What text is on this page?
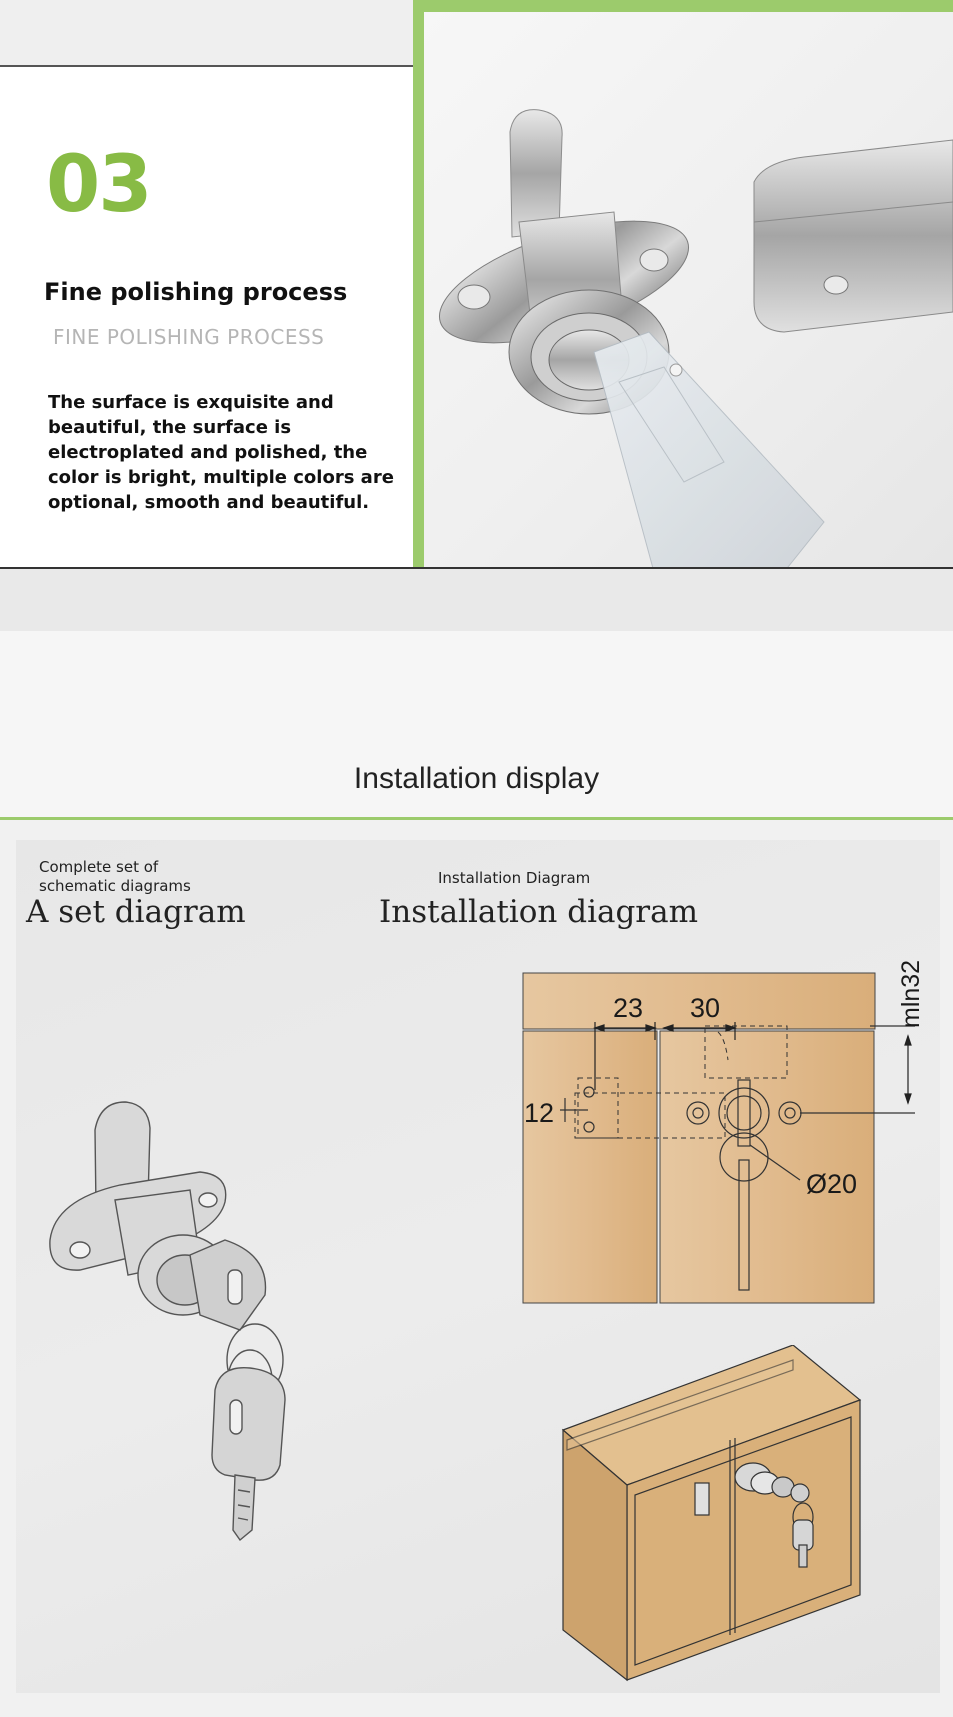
03
Fine polishing process
FINE POLISHING PROCESS
The surface is exquisite and beautiful, the surface is electroplated and polished, the color is bright, multiple colors are optional, smooth and beautiful.
Installation display
Complete set of schematic diagrams
A set diagram
Installation Diagram
Installation diagram
23 30
12
Ø20
mln32
